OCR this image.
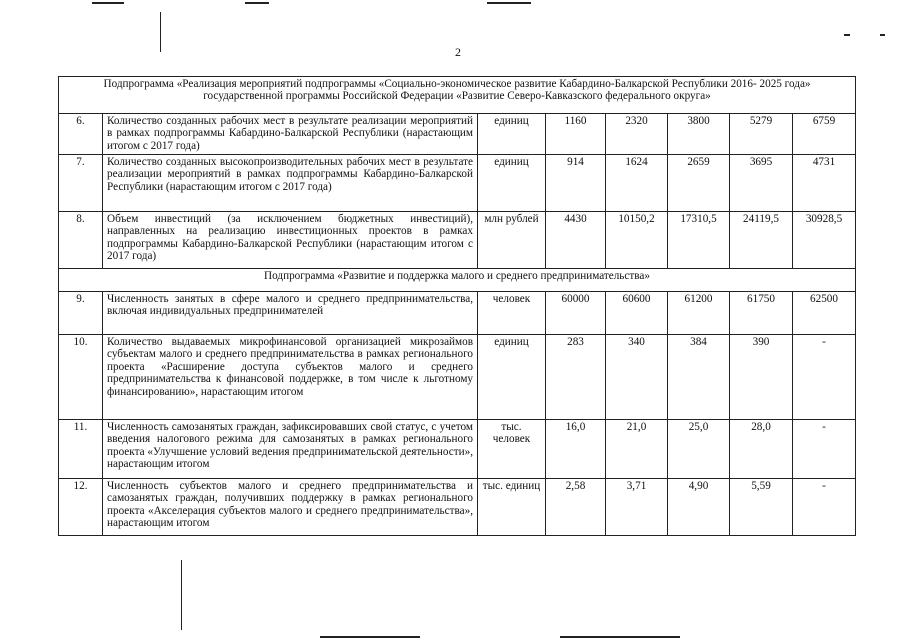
2
Подпрограмма «Реализация мероприятий подпрограммы «Социально-экономическое развитие Кабардино-Балкарской Республики 2016- 2025 года» государственной программы Российской Федерации «Развитие Северо-Кавказского федерального округа»							
6.	Количество созданных рабочих мест в результате реализации мероприятий в рамках подпрограммы Кабардино-Балкарской Республики (нарастающим итогом с 2017 года)	единиц	1160	2320	3800	5279	6759
7.	Количество созданных высокопроизводительных рабочих мест в результате реализации мероприятий в рамках подпрограммы Кабардино-Балкарской Республики (нарастающим итогом с 2017 года)	единиц	914	1624	2659	3695	4731
8.	Объем инвестиций (за исключением бюджетных инвестиций), направленных на реализацию инвестиционных проектов в рамках подпрограммы Кабардино-Балкарской Республики (нарастающим итогом с 2017 года)	млн рублей	4430	10150,2	17310,5	24119,5	30928,5
Подпрограмма «Развитие и поддержка малого и среднего предпринимательства»							
9.	Численность занятых в сфере малого и среднего предпринимательства, включая индивидуальных предпринимателей	человек	60000	60600	61200	61750	62500
10.	Количество выдаваемых микрофинансовой организацией микрозаймов субъектам малого и среднего предпринимательства в рамках регионального проекта «Расширение доступа субъектов малого и среднего предпринимательства к финансовой поддержке, в том числе к льготному финансированию», нарастающим итогом	единиц	283	340	384	390	-
11.	Численность самозанятых граждан, зафиксировавших свой статус, с учетом введения налогового режима для самозанятых в рамках регионального проекта «Улучшение условий ведения предпринимательской деятельности», нарастающим итогом	тыс. человек	16,0	21,0	25,0	28,0	-
12.	Численность субъектов малого и среднего предпринимательства и самозанятых граждан, получивших поддержку в рамках регионального проекта «Акселерация субъектов малого и среднего предпринимательства», нарастающим итогом	тыс. единиц	2,58	3,71	4,90	5,59	-
